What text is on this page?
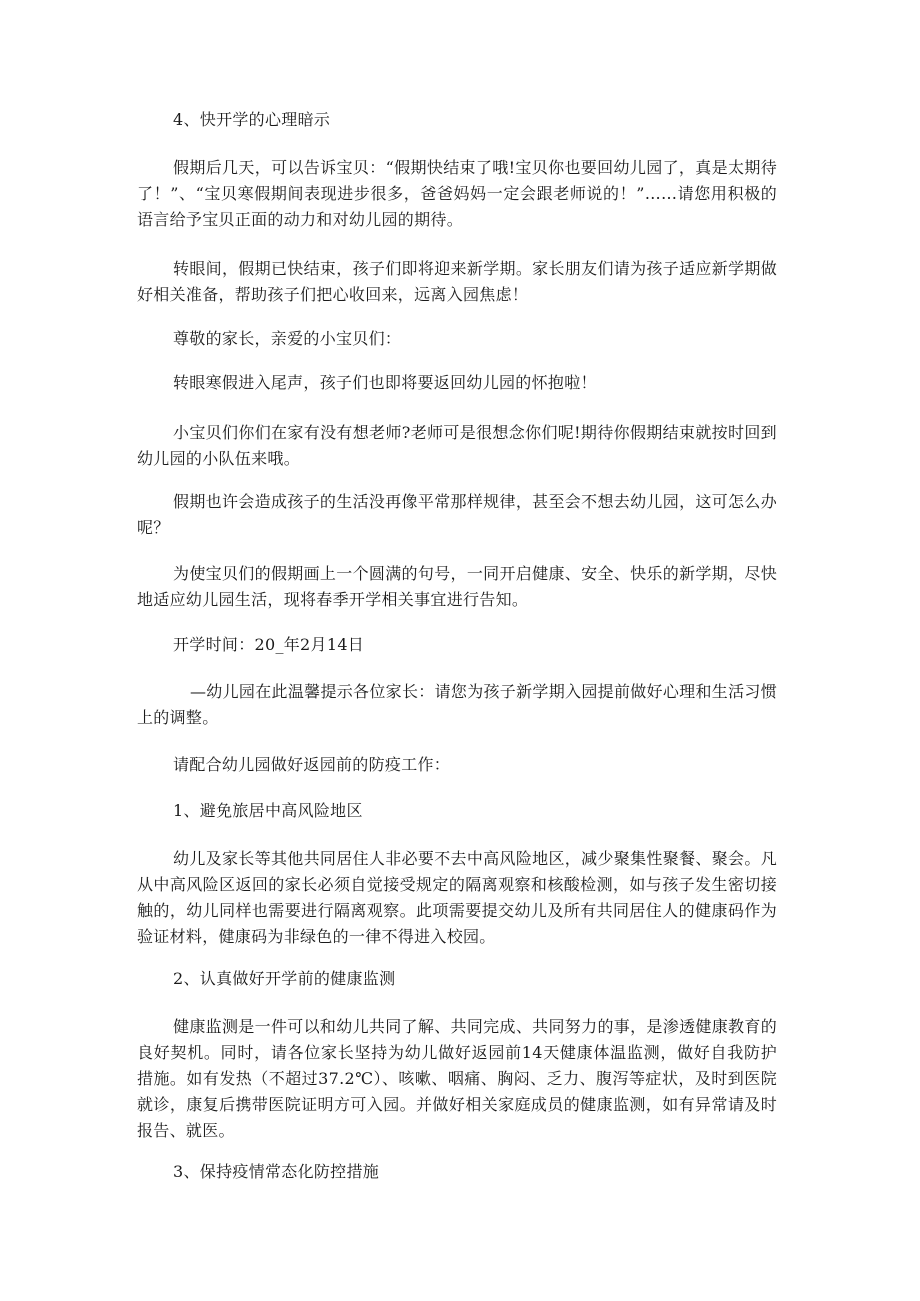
4、快开学的心理暗示

假期后几天，可以告诉宝贝：“假期快结束了哦!宝贝你也要回幼儿园了，真是太期待了！”、“宝贝寒假期间表现进步很多，爸爸妈妈一定会跟老师说的！”……请您用积极的语言给予宝贝正面的动力和对幼儿园的期待。

转眼间，假期已快结束，孩子们即将迎来新学期。家长朋友们请为孩子适应新学期做好相关准备，帮助孩子们把心收回来，远离入园焦虑！

尊敬的家长，亲爱的小宝贝们：

转眼寒假进入尾声，孩子们也即将要返回幼儿园的怀抱啦！

小宝贝们你们在家有没有想老师?老师可是很想念你们呢!期待你假期结束就按时回到幼儿园的小队伍来哦。

假期也许会造成孩子的生活没再像平常那样规律，甚至会不想去幼儿园，这可怎么办呢？

为使宝贝们的假期画上一个圆满的句号，一同开启健康、安全、快乐的新学期，尽快地适应幼儿园生活，现将春季开学相关事宜进行告知。

开学时间：20_年2月14日

—幼儿园在此温馨提示各位家长：请您为孩子新学期入园提前做好心理和生活习惯上的调整。

请配合幼儿园做好返园前的防疫工作：

1、避免旅居中高风险地区

幼儿及家长等其他共同居住人非必要不去中高风险地区，减少聚集性聚餐、聚会。凡从中高风险区返回的家长必须自觉接受规定的隔离观察和核酸检测，如与孩子发生密切接触的，幼儿同样也需要进行隔离观察。此项需要提交幼儿及所有共同居住人的健康码作为验证材料，健康码为非绿色的一律不得进入校园。

2、认真做好开学前的健康监测

健康监测是一件可以和幼儿共同了解、共同完成、共同努力的事，是渗透健康教育的良好契机。同时，请各位家长坚持为幼儿做好返园前14天健康体温监测，做好自我防护措施。如有发热（不超过37.2℃）、咳嗽、咽痛、胸闷、乏力、腹泻等症状，及时到医院就诊，康复后携带医院证明方可入园。并做好相关家庭成员的健康监测，如有异常请及时报告、就医。

3、保持疫情常态化防控措施
